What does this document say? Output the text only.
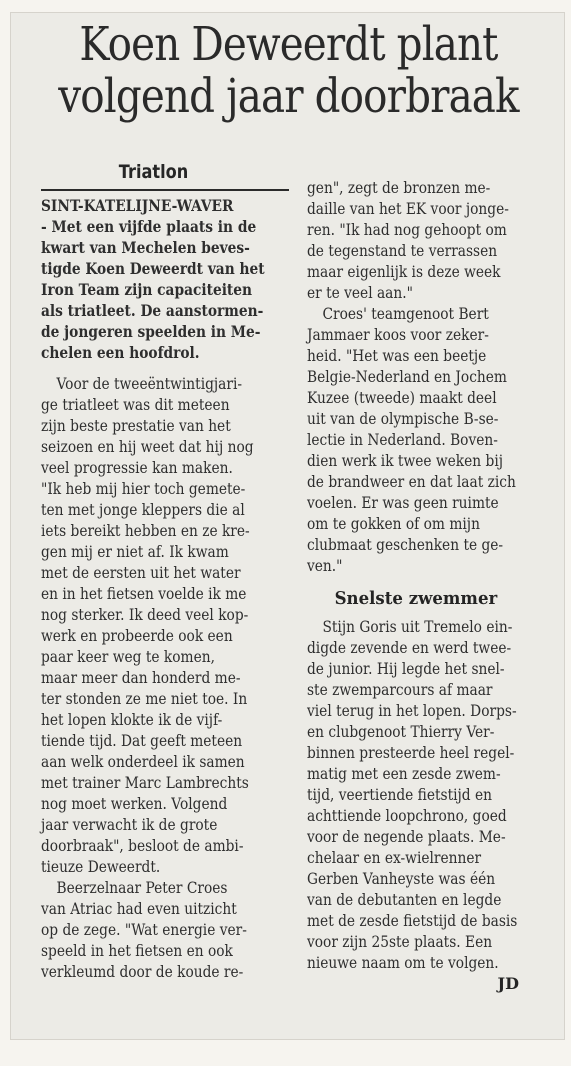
Koen Deweerdt plant
volgend jaar doorbraak
Triatlon

SINT-KATELIJNE-WAVER

- Met een vijfde plaats in de

kwart van Mechelen beves-

tigde Koen Deweerdt van het

Iron Team zijn capaciteiten

als triatleet. De aanstormen-

de jongeren speelden in Me-

chelen een hoofdrol.

Voor de tweeëntwintigjari-

ge triatleet was dit meteen

zijn beste prestatie van het

seizoen en hij weet dat hij nog

veel progressie kan maken.

"Ik heb mij hier toch gemete-

ten met jonge kleppers die al

iets bereikt hebben en ze kre-

gen mij er niet af. Ik kwam

met de eersten uit het water

en in het fietsen voelde ik me

nog sterker. Ik deed veel kop-

werk en probeerde ook een

paar keer weg te komen,

maar meer dan honderd me-

ter stonden ze me niet toe. In

het lopen klokte ik de vijf-

tiende tijd. Dat geeft meteen

aan welk onderdeel ik samen

met trainer Marc Lambrechts

nog moet werken. Volgend

jaar verwacht ik de grote

doorbraak", besloot de ambi-

tieuze Deweerdt.

Beerzelnaar Peter Croes

van Atriac had even uitzicht

op de zege. "Wat energie ver-

speeld in het fietsen en ook

verkleumd door de koude re-

gen", zegt de bronzen me-

daille van het EK voor jonge-

ren. "Ik had nog gehoopt om

de tegenstand te verrassen

maar eigenlijk is deze week

er te veel aan."

Croes' teamgenoot Bert

Jammaer koos voor zeker-

heid. "Het was een beetje

Belgie-Nederland en Jochem

Kuzee (tweede) maakt deel

uit van de olympische B-se-

lectie in Nederland. Boven-

dien werk ik twee weken bij

de brandweer en dat laat zich

voelen. Er was geen ruimte

om te gokken of om mijn

clubmaat geschenken te ge-

ven."

Snelste zwemmer

Stijn Goris uit Tremelo ein-

digde zevende en werd twee-

de junior. Hij legde het snel-

ste zwemparcours af maar

viel terug in het lopen. Dorps-

en clubgenoot Thierry Ver-

binnen presteerde heel regel-

matig met een zesde zwem-

tijd, veertiende fietstijd en

achttiende loopchrono, goed

voor de negende plaats. Me-

chelaar en ex-wielrenner

Gerben Vanheyste was één

van de debutanten en legde

met de zesde fietstijd de basis

voor zijn 25ste plaats. Een

nieuwe naam om te volgen.

JD
